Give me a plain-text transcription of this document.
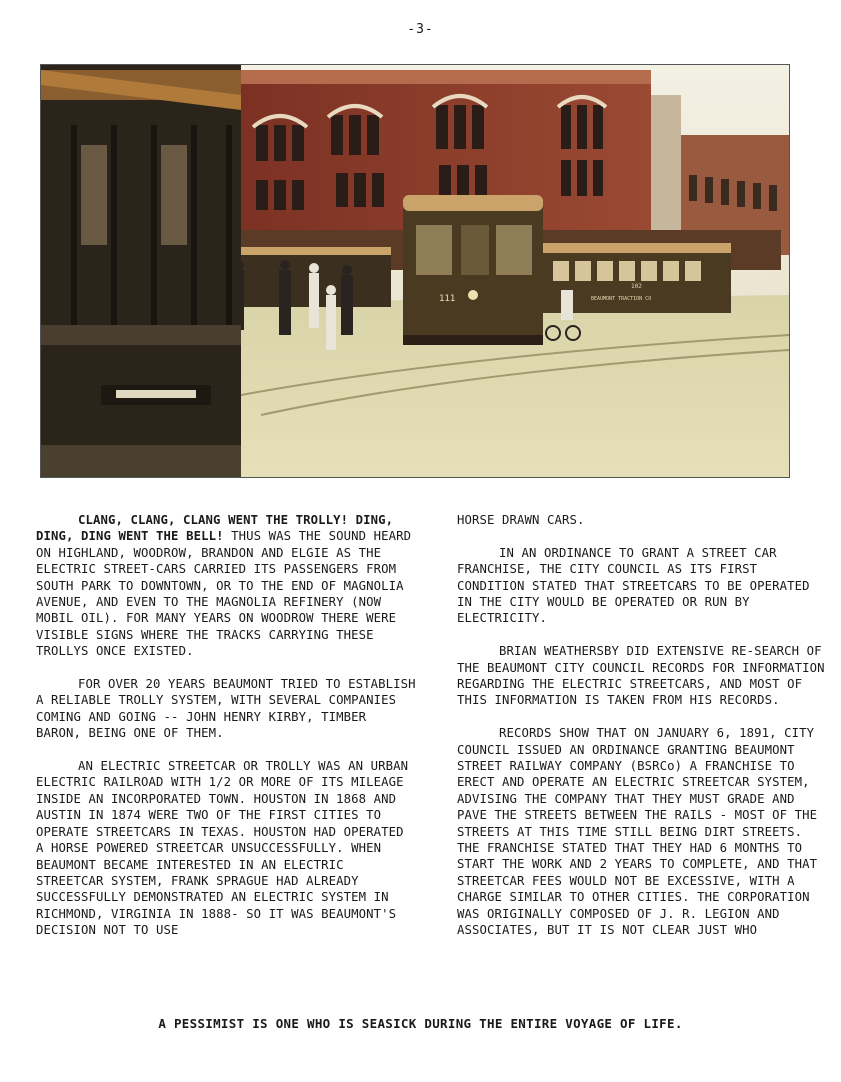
-3-
102
BEAUMONT TRACTION CO
111

CLANG, CLANG, CLANG WENT THE TROLLY! DING, DING, DING WENT THE BELL! THUS WAS THE SOUND HEARD ON HIGHLAND, WOODROW, BRANDON AND ELGIE AS THE ELECTRIC STREET-CARS CARRIED ITS PASSENGERS FROM SOUTH PARK TO DOWNTOWN, OR TO THE END OF MAGNOLIA AVENUE, AND EVEN TO THE MAGNOLIA REFINERY (NOW MOBIL OIL). FOR MANY YEARS ON WOODROW THERE WERE VISIBLE SIGNS WHERE THE TRACKS CARRYING THESE TROLLYS ONCE EXISTED.

FOR OVER 20 YEARS BEAUMONT TRIED TO ESTABLISH A RELIABLE TROLLY SYSTEM, WITH SEVERAL COMPANIES COMING AND GOING -- JOHN HENRY KIRBY, TIMBER BARON, BEING ONE OF THEM.

AN ELECTRIC STREETCAR OR TROLLY WAS AN URBAN ELECTRIC RAILROAD WITH 1/2 OR MORE OF ITS MILEAGE INSIDE AN INCORPORATED TOWN. HOUSTON IN 1868 AND AUSTIN IN 1874 WERE TWO OF THE FIRST CITIES TO OPERATE STREETCARS IN TEXAS. HOUSTON HAD OPERATED A HORSE POWERED STREETCAR UNSUCCESSFULLY. WHEN BEAUMONT BECAME INTERESTED IN AN ELECTRIC STREETCAR SYSTEM, FRANK SPRAGUE HAD ALREADY SUCCESSFULLY DEMONSTRATED AN ELECTRIC SYSTEM IN RICHMOND, VIRGINIA IN 1888- SO IT WAS BEAUMONT'S DECISION NOT TO USE

HORSE DRAWN CARS.

IN AN ORDINANCE TO GRANT A STREET CAR FRANCHISE, THE CITY COUNCIL AS ITS FIRST CONDITION STATED THAT STREETCARS TO BE OPERATED IN THE CITY WOULD BE OPERATED OR RUN BY ELECTRICITY.

BRIAN WEATHERSBY DID EXTENSIVE RE-SEARCH OF THE BEAUMONT CITY COUNCIL RECORDS FOR INFORMATION REGARDING THE ELECTRIC STREETCARS, AND MOST OF THIS INFORMATION IS TAKEN FROM HIS RECORDS.

RECORDS SHOW THAT ON JANUARY 6, 1891, CITY COUNCIL ISSUED AN ORDINANCE GRANTING BEAUMONT STREET RAILWAY COMPANY (BSRCo) A FRANCHISE TO ERECT AND OPERATE AN ELECTRIC STREETCAR SYSTEM, ADVISING THE COMPANY THAT THEY MUST GRADE AND PAVE THE STREETS BETWEEN THE RAILS - MOST OF THE STREETS AT THIS TIME STILL BEING DIRT STREETS. THE FRANCHISE STATED THAT THEY HAD 6 MONTHS TO START THE WORK AND 2 YEARS TO COMPLETE, AND THAT STREETCAR FEES WOULD NOT BE EXCESSIVE, WITH A CHARGE SIMILAR TO OTHER CITIES. THE CORPORATION WAS ORIGINALLY COMPOSED OF J. R. LEGION AND ASSOCIATES, BUT IT IS NOT CLEAR JUST WHO

A PESSIMIST IS ONE WHO IS SEASICK DURING THE ENTIRE VOYAGE OF LIFE.
